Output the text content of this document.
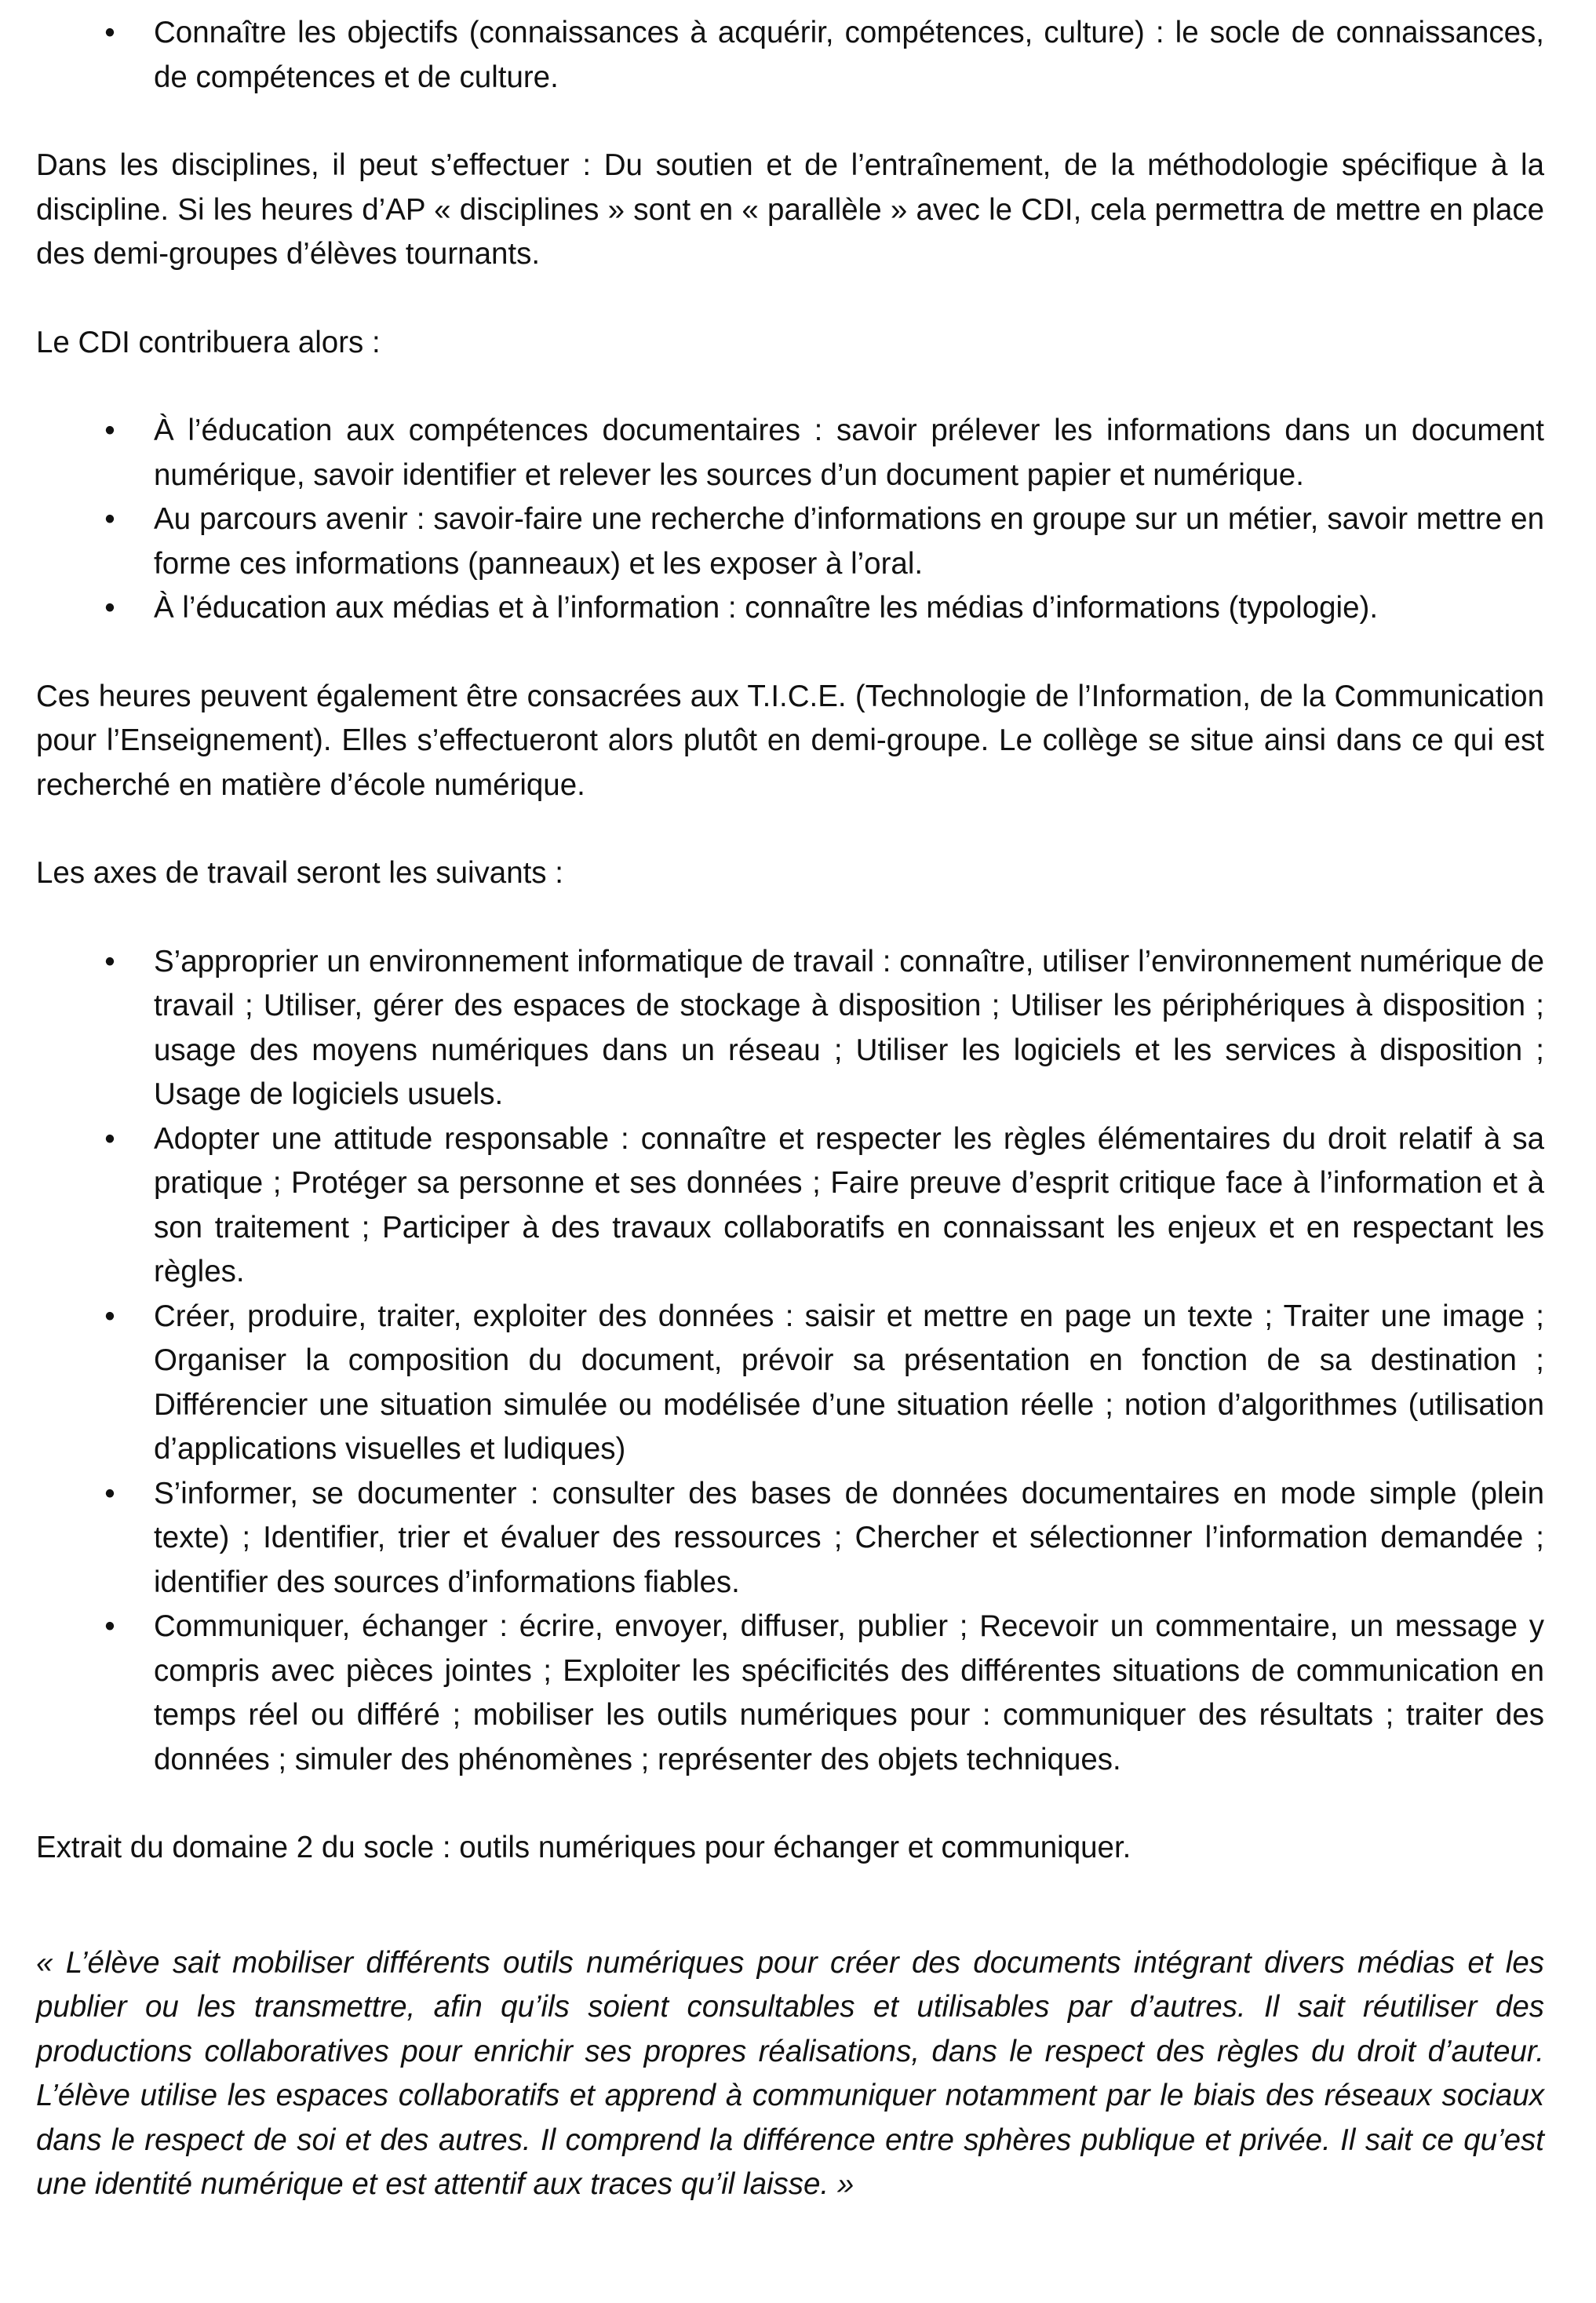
• Connaître les objectifs (connaissances à acquérir, compétences, culture) : le socle de connaissances, de compétences et de culture.

Dans les disciplines, il peut s’effectuer : Du soutien et de l’entraînement, de la méthodologie spécifique à la discipline. Si les heures d’AP « disciplines » sont en « parallèle » avec le CDI, cela permettra de mettre en place des demi-groupes d’élèves tournants.

Le CDI contribuera alors :

• À l’éducation aux compétences documentaires : savoir prélever les informations dans un document numérique, savoir identifier et relever les sources d’un document papier et numérique.
• Au parcours avenir : savoir-faire une recherche d’informations en groupe sur un métier, savoir mettre en forme ces informations (panneaux) et les exposer à l’oral.
• À l’éducation aux médias et à l’information : connaître les médias d’informations (typologie).

Ces heures peuvent également être consacrées aux T.I.C.E. (Technologie de l’Information, de la Communication pour l’Enseignement). Elles s’effectueront alors plutôt en demi-groupe. Le collège se situe ainsi dans ce qui est recherché en matière d’école numérique.

Les axes de travail seront les suivants :

• S’approprier un environnement informatique de travail : connaître, utiliser l’environnement numérique de travail ; Utiliser, gérer des espaces de stockage à disposition ; Utiliser les périphériques à disposition ; usage des moyens numériques dans un réseau ; Utiliser les logiciels et les services à disposition ; Usage de logiciels usuels.
• Adopter une attitude responsable : connaître et respecter les règles élémentaires du droit relatif à sa pratique ; Protéger sa personne et ses données ; Faire preuve d’esprit critique face à l’information et à son traitement ; Participer à des travaux collaboratifs en connaissant les enjeux et en respectant les règles.
• Créer, produire, traiter, exploiter des données : saisir et mettre en page un texte ; Traiter une image ; Organiser la composition du document, prévoir sa présentation en fonction de sa destination ; Différencier une situation simulée ou modélisée d’une situation réelle ; notion d’algorithmes (utilisation d’applications visuelles et ludiques)
• S’informer, se documenter : consulter des bases de données documentaires en mode simple (plein texte) ; Identifier, trier et évaluer des ressources ; Chercher et sélectionner l’information demandée ; identifier des sources d’informations fiables.
• Communiquer, échanger : écrire, envoyer, diffuser, publier ; Recevoir un commentaire, un message y compris avec pièces jointes ; Exploiter les spécificités des différentes situations de communication en temps réel ou différé ; mobiliser les outils numériques pour : communiquer des résultats ; traiter des données ; simuler des phénomènes ; représenter des objets techniques.

Extrait du domaine 2 du socle : outils numériques pour échanger et communiquer.

« L’élève sait mobiliser différents outils numériques pour créer des documents intégrant divers médias et les publier ou les transmettre, afin qu’ils soient consultables et utilisables par d’autres. Il sait réutiliser des productions collaboratives pour enrichir ses propres réalisations, dans le respect des règles du droit d’auteur. L’élève utilise les espaces collaboratifs et apprend à communiquer notamment par le biais des réseaux sociaux dans le respect de soi et des autres. Il comprend la différence entre sphères publique et privée. Il sait ce qu’est une identité numérique et est attentif aux traces qu’il laisse. »
